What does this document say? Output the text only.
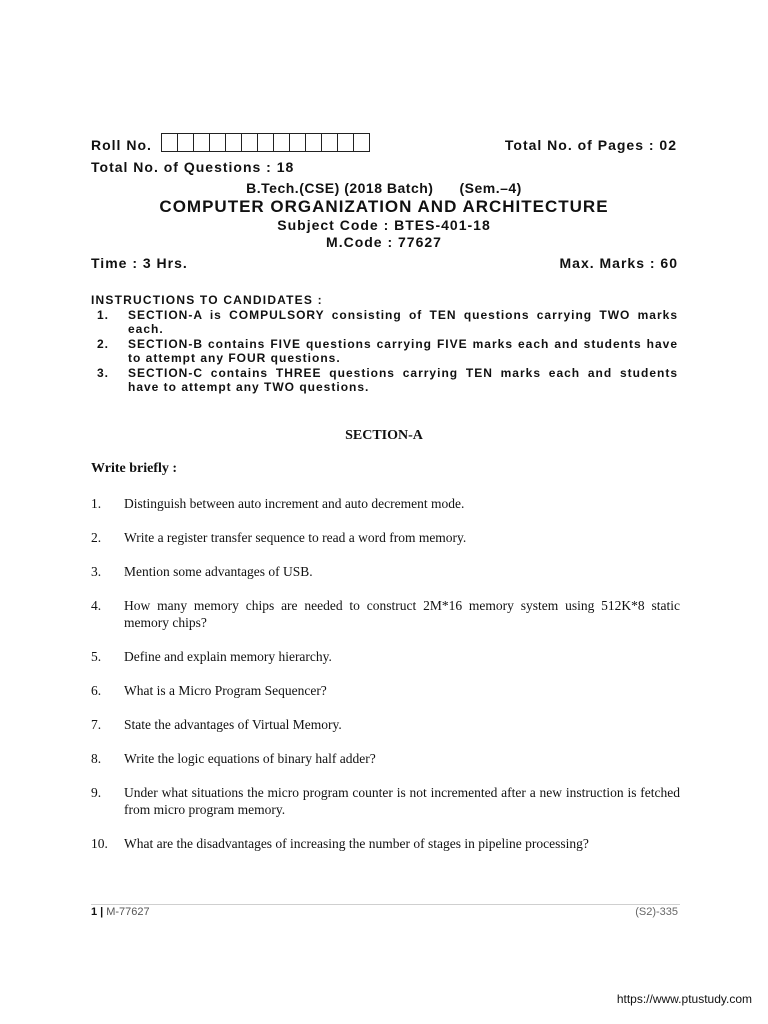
Roll No.	Total No. of Pages : 02
Total No. of Questions : 18
B.Tech.(CSE) (2018 Batch) (Sem.–4)
COMPUTER ORGANIZATION AND ARCHITECTURE
Subject Code : BTES-401-18
M.Code : 77627
Time : 3 Hrs.	Max. Marks : 60
INSTRUCTIONS TO CANDIDATES :
1. SECTION-A is COMPULSORY consisting of TEN questions carrying TWO marks each.
2. SECTION-B contains FIVE questions carrying FIVE marks each and students have to attempt any FOUR questions.
3. SECTION-C contains THREE questions carrying TEN marks each and students have to attempt any TWO questions.
SECTION-A
Write briefly :
1. Distinguish between auto increment and auto decrement mode.
2. Write a register transfer sequence to read a word from memory.
3. Mention some advantages of USB.
4. How many memory chips are needed to construct 2M*16 memory system using 512K*8 static memory chips?
5. Define and explain memory hierarchy.
6. What is a Micro Program Sequencer?
7. State the advantages of Virtual Memory.
8. Write the logic equations of binary half adder?
9. Under what situations the micro program counter is not incremented after a new instruction is fetched from micro program memory.
10. What are the disadvantages of increasing the number of stages in pipeline processing?
1 | M-77627	(S2)-335
https://www.ptustudy.com
